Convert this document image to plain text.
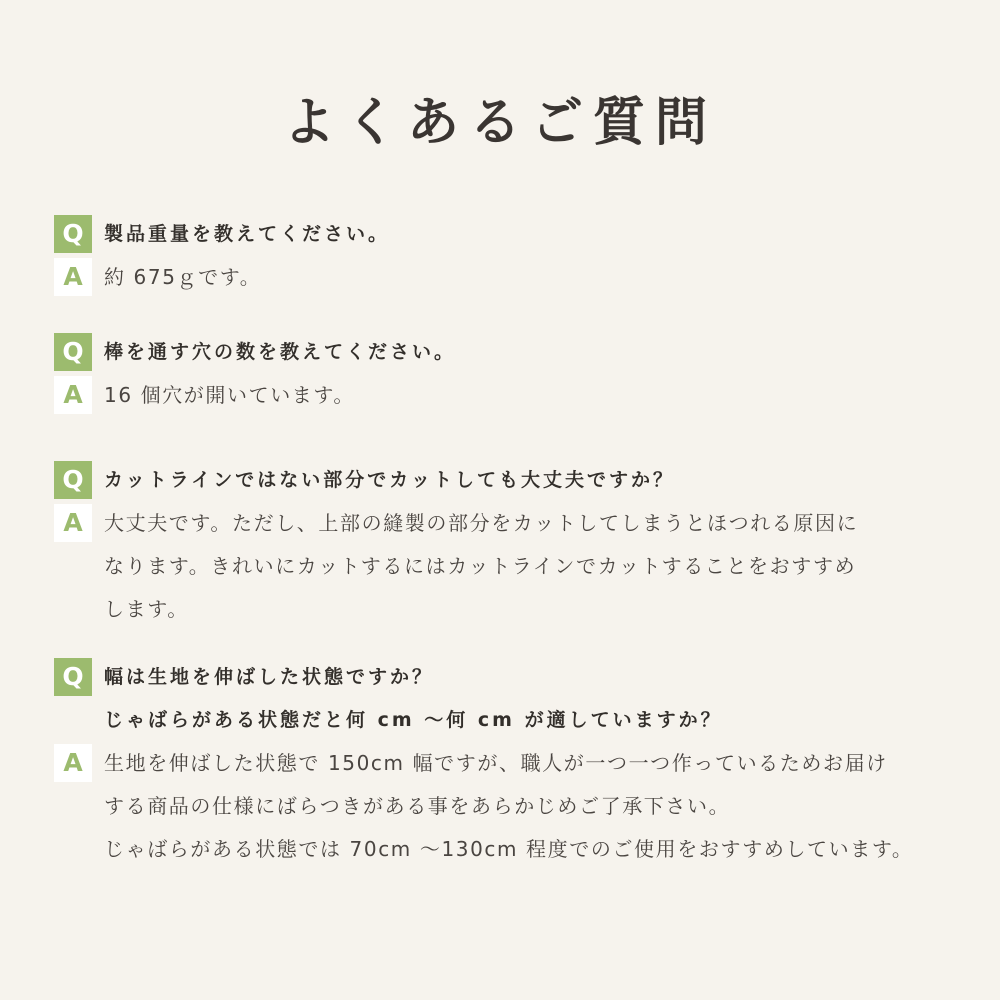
よくあるご質問
Q	製品重量を教えてください。
A	約 675ｇです。
Q	棒を通す穴の数を教えてください。
A	16 個穴が開いています。
Q	カットラインではない部分でカットしても大丈夫ですか？
A	大丈夫です。ただし、上部の縫製の部分をカットしてしまうとほつれる原因に
なります。きれいにカットするにはカットラインでカットすることをおすすめ
します。
Q	幅は生地を伸ばした状態ですか？
じゃばらがある状態だと何 cm ～何 cm が適していますか？
A	生地を伸ばした状態で 150cm 幅ですが、職人が一つ一つ作っているためお届け
する商品の仕様にばらつきがある事をあらかじめご了承下さい。
じゃばらがある状態では 70cm ～130cm 程度でのご使用をおすすめしています。
